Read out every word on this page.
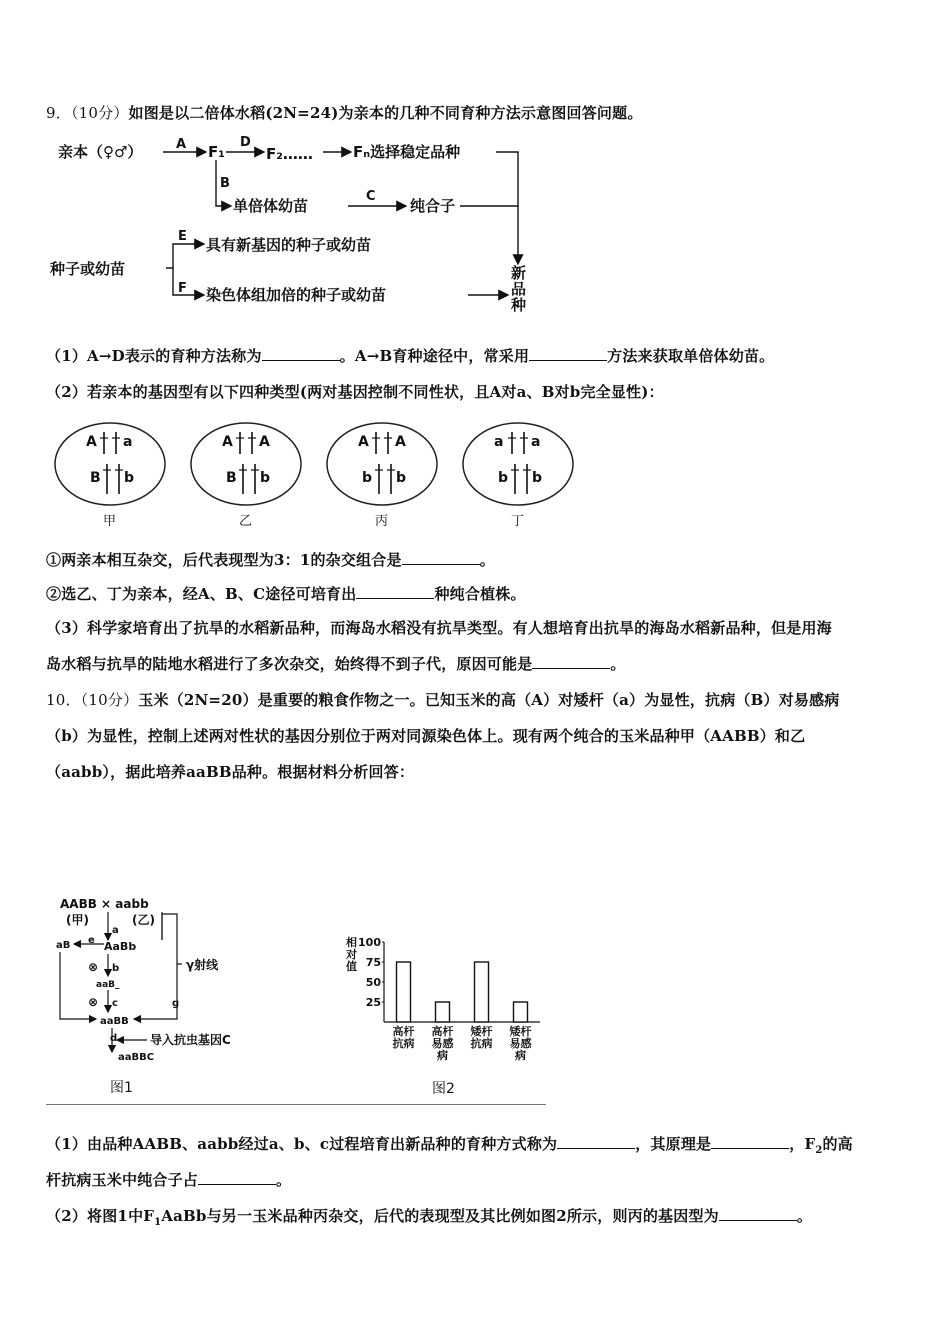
9．（10分）如图是以二倍体水稻(2N=24)为亲本的几种不同育种方法示意图回答问题。
亲本（♀♂）	A F₁
D
F₂……	Fₙ选择稳定品种
B
单倍体幼苗
C
纯合子
种子或幼苗
E 具有新基因的种子或幼苗
F 染色体组加倍的种子或幼苗
新
品
种
（1）A→D表示的育种方法称为	。A→B育种途径中，常采用	方法来获取单倍体幼苗。
（2）若亲本的基因型有以下四种类型(两对基因控制不同性状，且A对a、B对b完全显性)：
A a
B b
甲
A A
B b
乙
A A
b b
丙
a a
b b
丁
①两亲本相互杂交，后代表现型为3：1的杂交组合是	。
②选乙、丁为亲本，经A、B、C途径可培育出	种纯合植株。
（3）科学家培育出了抗旱的水稻新品种，而海岛水稻没有抗旱类型。有人想培育出抗旱的海岛水稻新品种，但是用海
岛水稻与抗旱的陆地水稻进行了多次杂交，始终得不到子代，原因可能是	。
10．（10分）玉米（2N=20）是重要的粮食作物之一。已知玉米的高（A）对矮杆（a）为显性，抗病（B）对易感病
（b）为显性，控制上述两对性状的基因分别位于两对同源染色体上。现有两个纯合的玉米品种甲（AABB）和乙
（aabb），据此培养aaBB品种。根据材料分析回答：
AABB × aabb
(甲)	(乙)
a
aB e AaBb
⊗ b
aaB_
⊗ c	g
aaBB
γ射线
d	导入抗虫基因C
aaBBC
图1
相
对
值
25
50
75
100
高杆
抗病
高杆
易感
病
矮杆
抗病
矮杆
易感
病
图2
（1）由品种AABB、aabb经过a、b、c过程培育出新品种的育种方式称为	，其原理是	，$F_2$的高
杆抗病玉米中纯合子占	。
（2）将图1中$F_1AaBb$与另一玉米品种丙杂交，后代的表现型及其比例如图2所示，则丙的基因型为	。
